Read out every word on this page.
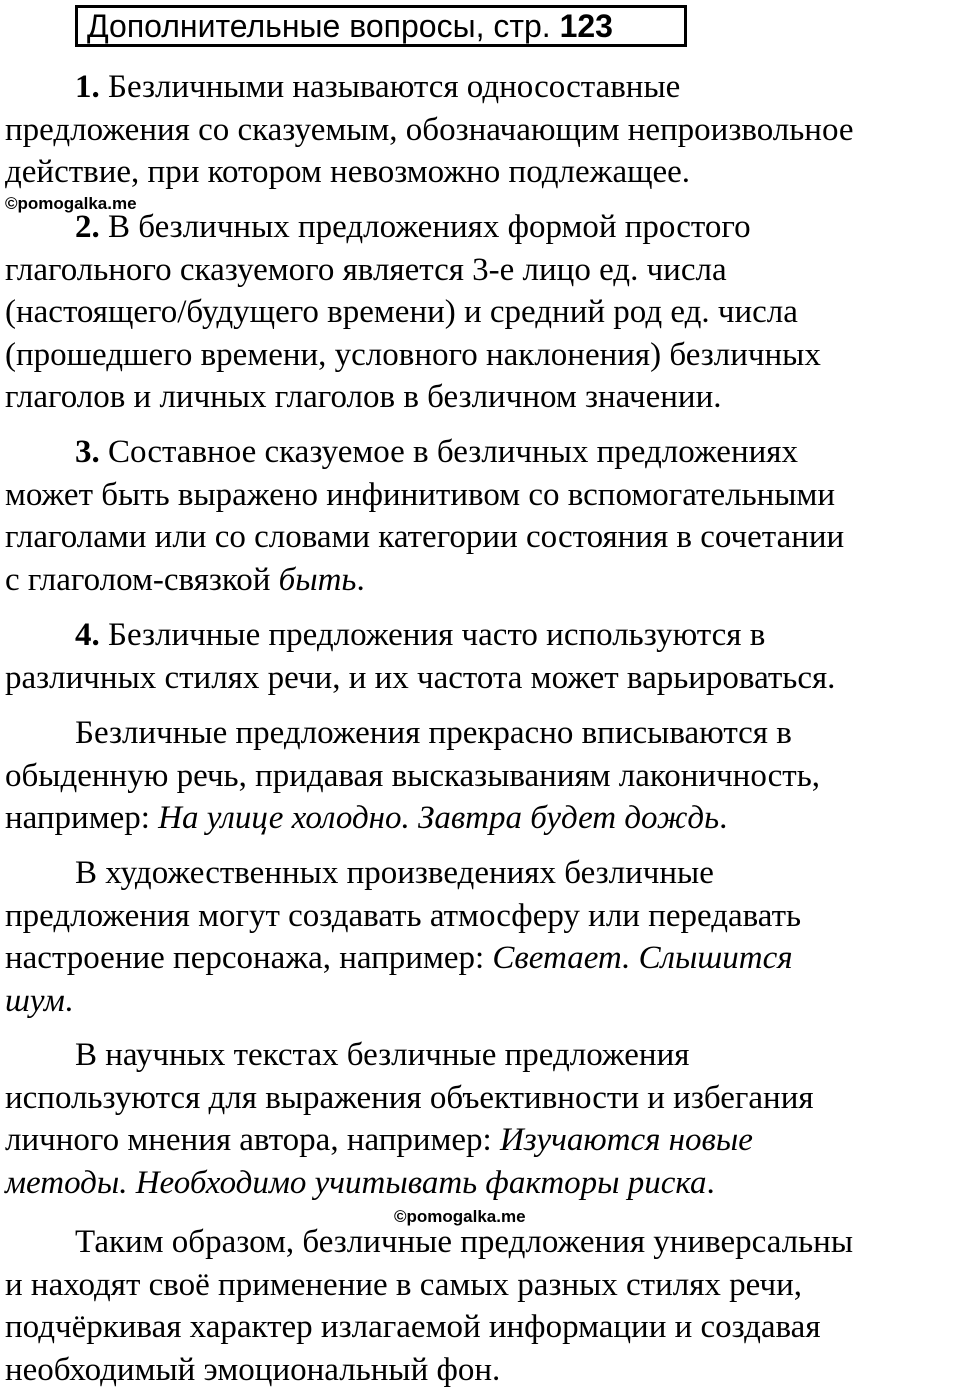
Дополнительные вопросы, стр. 123
1. Безличными называются односоставные
предложения со сказуемым, обозначающим непроизвольное
действие, при котором невозможно подлежащее.
©pomogalka.me
2. В безличных предложениях формой простого
глагольного сказуемого является 3-е лицо ед. числа
(настоящего/будущего времени) и средний род ед. числа
(прошедшего времени, условного наклонения) безличных
глаголов и личных глаголов в безличном значении.
3. Составное сказуемое в безличных предложениях
может быть выражено инфинитивом со вспомогательными
глаголами или со словами категории состояния в сочетании
с глаголом-связкой быть.
4. Безличные предложения часто используются в
различных стилях речи, и их частота может варьироваться.
Безличные предложения прекрасно вписываются в
обыденную речь, придавая высказываниям лаконичность,
например: На улице холодно. Завтра будет дождь.
В художественных произведениях безличные
предложения могут создавать атмосферу или передавать
настроение персонажа, например: Светает. Слышится
шум.
В научных текстах безличные предложения
используются для выражения объективности и избегания
личного мнения автора, например: Изучаются новые
методы. Необходимо учитывать факторы риска.
©pomogalka.me
Таким образом, безличные предложения универсальны
и находят своё применение в самых разных стилях речи,
подчёркивая характер излагаемой информации и создавая
необходимый эмоциональный фон.
